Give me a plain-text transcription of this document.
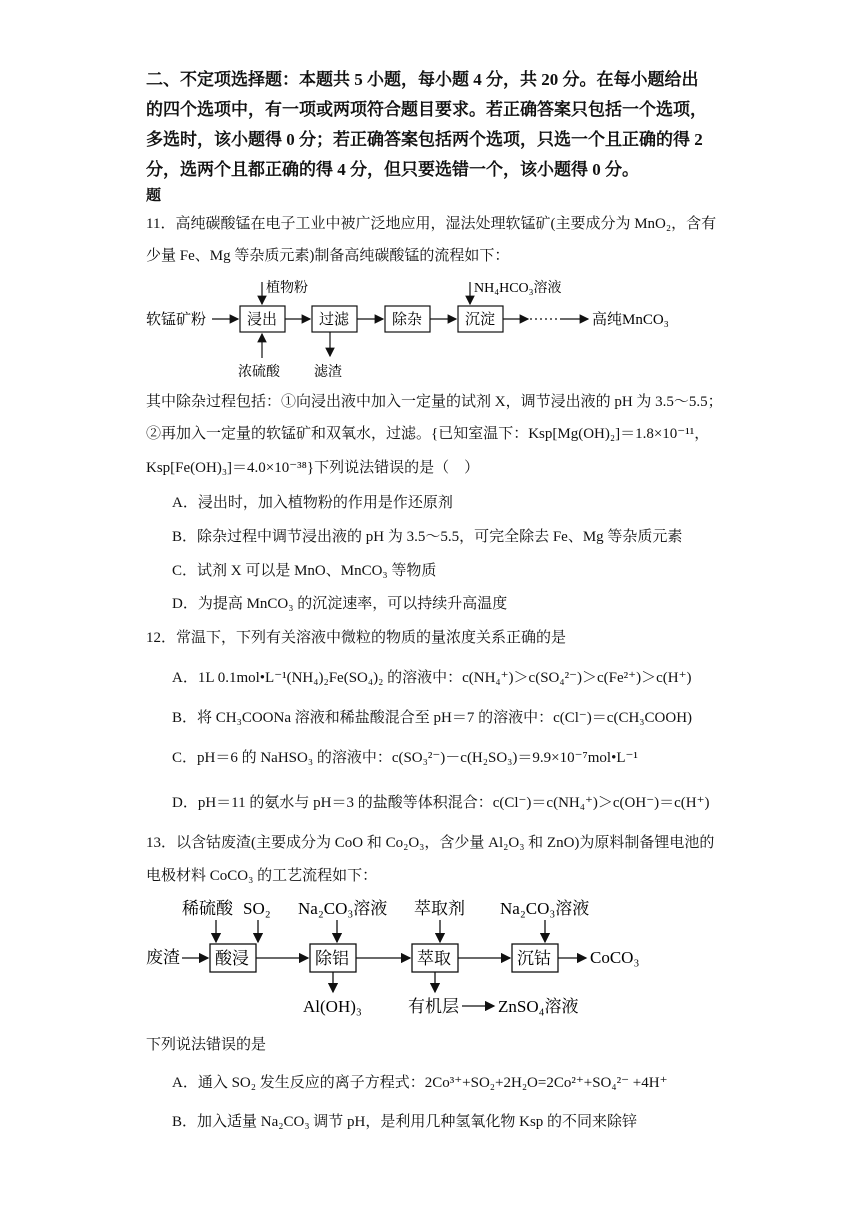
二、不定项选择题：本题共 5 小题，每小题 4 分，共 20 分。在每小题给出
的四个选项中，有一项或两项符合题目要求。若正确答案只包括一个选项，
多选时，该小题得 0 分；若正确答案包括两个选项，只选一个且正确的得 2
分，选两个且都正确的得 4 分，但只要选错一个，该小题得 0 分。
题
11．高纯碳酸锰在电子工业中被广泛地应用，湿法处理软锰矿(主要成分为 MnO₂，含有
少量 Fe、Mg 等杂质元素)制备高纯碳酸锰的流程如下：
软锰矿粉	浸出
植物粉
浓硫酸
过滤
滤渣
除杂	沉淀
NH₄HCO₃溶液
高纯MnCO₃
其中除杂过程包括：①向浸出液中加入一定量的试剂 X，调节浸出液的 pH 为 3.5～5.5；
②再加入一定量的软锰矿和双氧水，过滤。{已知室温下：Ksp[Mg(OH)₂]＝1.8×10⁻¹¹，
Ksp[Fe(OH)₃]＝4.0×10⁻³⁸}下列说法错误的是（　）
A．浸出时，加入植物粉的作用是作还原剂
B．除杂过程中调节浸出液的 pH 为 3.5～5.5，可完全除去 Fe、Mg 等杂质元素
C．试剂 X 可以是 MnO、MnCO₃ 等物质
D．为提高 MnCO₃ 的沉淀速率，可以持续升高温度
12．常温下，下列有关溶液中微粒的物质的量浓度关系正确的是
A．1L 0.1mol•L⁻¹(NH₄)₂Fe(SO₄)₂ 的溶液中：c(NH₄⁺)＞c(SO₄²⁻)＞c(Fe²⁺)＞c(H⁺)
B．将 CH₃COONa 溶液和稀盐酸混合至 pH＝7 的溶液中：c(Cl⁻)＝c(CH₃COOH)
C．pH＝6 的 NaHSO₃ 的溶液中：c(SO₃²⁻)－c(H₂SO₃)＝9.9×10⁻⁷mol•L⁻¹
D．pH＝11 的氨水与 pH＝3 的盐酸等体积混合：c(Cl⁻)＝c(NH₄⁺)＞c(OH⁻)＝c(H⁺)
13．以含钴废渣(主要成分为 CoO 和 Co₂O₃，含少量 Al₂O₃ 和 ZnO)为原料制备锂电池的
电极材料 CoCO₃ 的工艺流程如下：
稀硫酸 SO₂ Na₂CO₃溶液 萃取剂 Na₂CO₃溶液
废渣 酸浸	除铝	萃取	沉钴 CoCO₃
Al(OH)₃	有机层 ZnSO₄溶液
下列说法错误的是
A．通入 SO₂ 发生反应的离子方程式：2Co³⁺+SO₂+2H₂O=2Co²⁺+SO₄²⁻ +4H⁺
B．加入适量 Na₂CO₃ 调节 pH，是利用几种氢氧化物 Ksp 的不同来除锌
